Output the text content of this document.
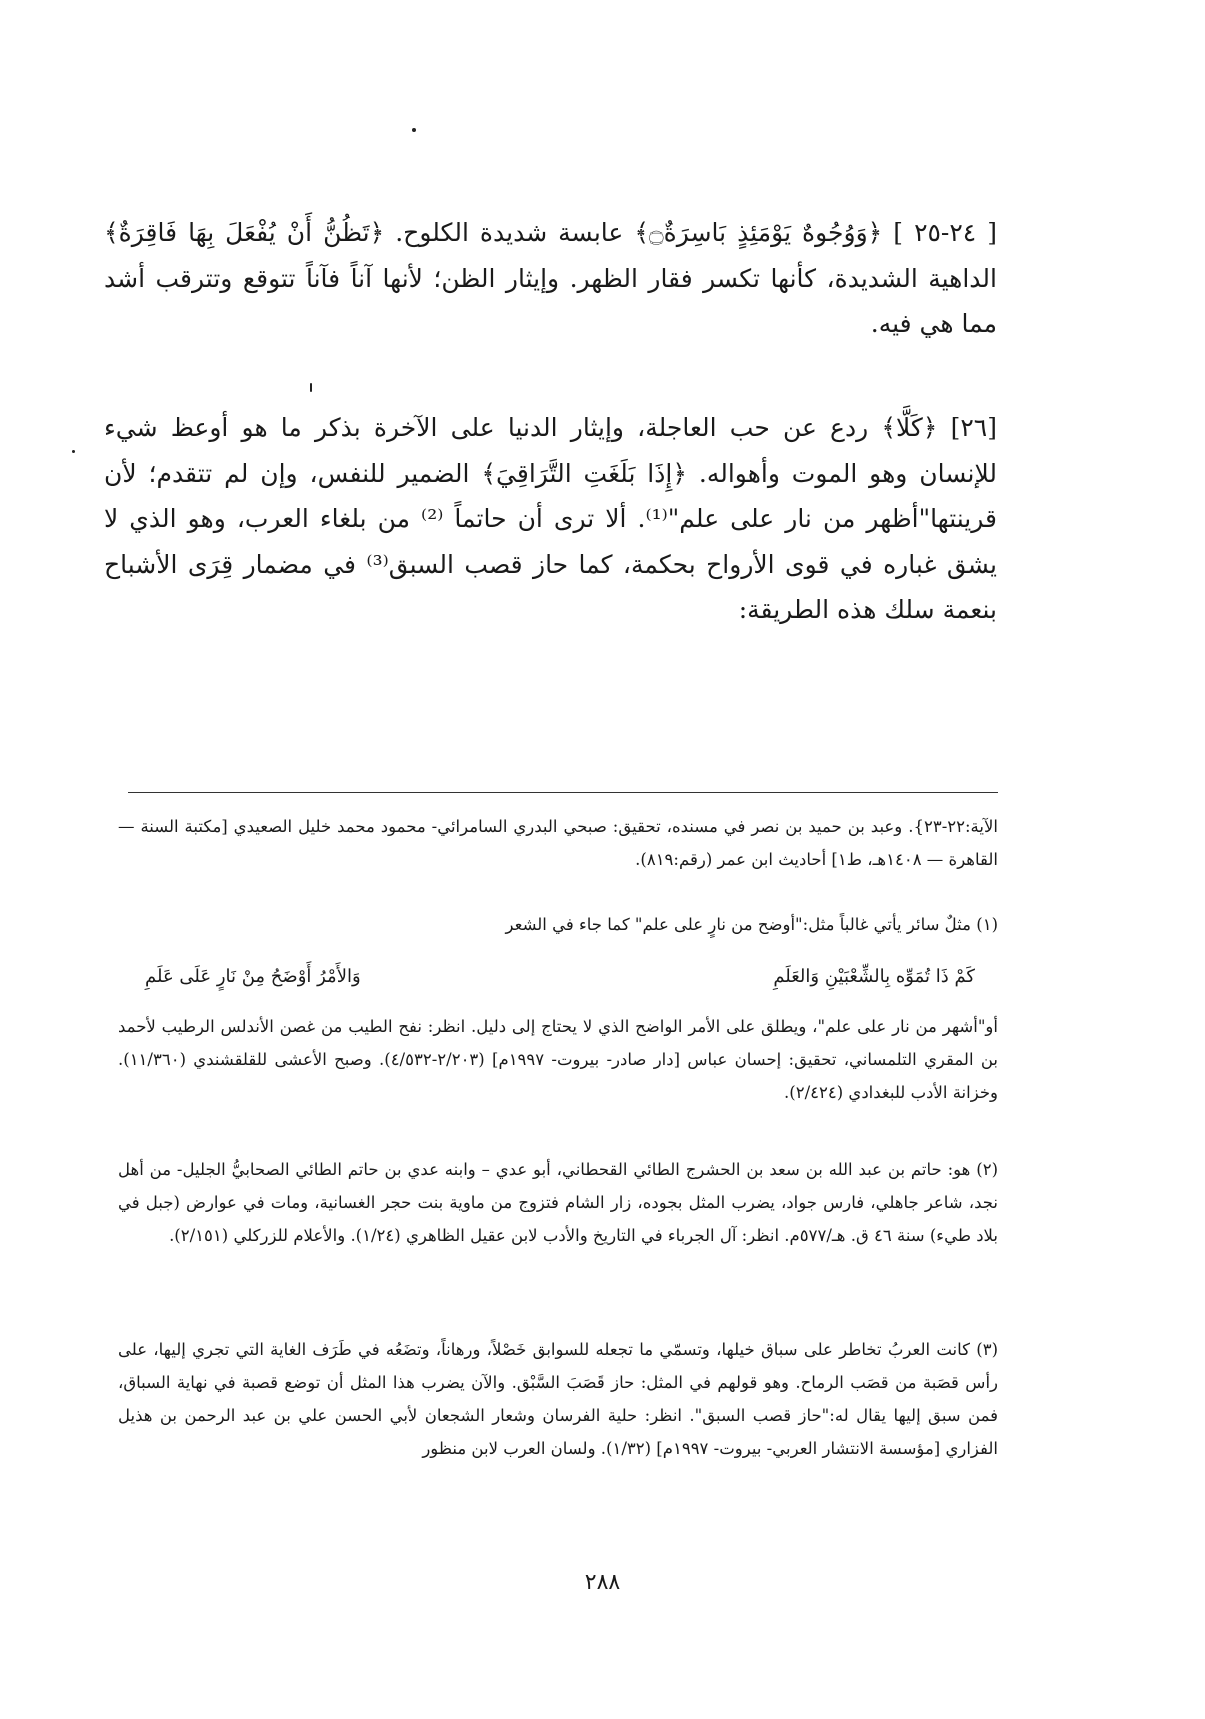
[ ٢٤-٢٥ ] ﴿وَوُجُوهٌ يَوْمَئِذٍ بَاسِرَةٌ۝﴾ عابسة شديدة الكلوح. ﴿تَظُنُّ أَنْ يُفْعَلَ بِهَا فَاقِرَةٌ﴾ الداهية الشديدة، كأنها تكسر فقار الظهر. وإيثار الظن؛ لأنها آناً فآناً تتوقع وتترقب أشد مما هي فيه.
[٢٦] ﴿كَلَّا﴾ ردع عن حب العاجلة، وإيثار الدنيا على الآخرة بذكر ما هو أوعظ شيء للإنسان وهو الموت وأهواله. ﴿إِذَا بَلَغَتِ التَّرَاقِيَ﴾ الضمير للنفس، وإن لم تتقدم؛ لأن قرينتها"أظهر من نار على علم"⁽¹⁾. ألا ترى أن حاتماً ⁽²⁾ من بلغاء العرب، وهو الذي لا يشق غباره في قوى الأرواح بحكمة، كما حاز قصب السبق⁽³⁾ في مضمار قِرَى الأشباح بنعمة سلك هذه الطريقة:
الآية:٢٢-٢٣}. وعبد بن حميد بن نصر في مسنده، تحقيق: صبحي البدري السامرائي- محمود محمد خليل الصعيدي [مكتبة السنة — القاهرة — ١٤٠٨هـ، ط١] أحاديث ابن عمر (رقم:٨١٩).
(١) مثلٌ سائر يأتي غالباً مثل:"أوضح من نارٍ على علم" كما جاء في الشعر
كَمْ ذَا تُمَوِّه بِالشِّعْبَيْنِ وَالعَلَمِ
وَالأَمْرُ أَوْضَحُ مِنْ نَارٍ عَلَى عَلَمِ
أو"أشهر من نار على علم"، ويطلق على الأمر الواضح الذي لا يحتاج إلى دليل. انظر: نفح الطيب من غصن الأندلس الرطيب لأحمد بن المقري التلمساني، تحقيق: إحسان عباس [دار صادر- بيروت- ١٩٩٧م] (٢/٢٠٣-٤/٥٣٢). وصبح الأعشى للقلقشندي (١١/٣٦٠). وخزانة الأدب للبغدادي (٢/٤٢٤).
(٢) هو: حاتم بن عبد الله بن سعد بن الحشرج الطائي القحطاني، أبو عدي – وابنه عدي بن حاتم الطائي الصحابيُّ الجليل- من أهل نجد، شاعر جاهلي، فارس جواد، يضرب المثل بجوده، زار الشام فتزوج من ماوية بنت حجر الغسانية، ومات في عوارض (جبل في بلاد طيء) سنة ٤٦ ق. هـ/٥٧٧م. انظر: آل الجرباء في التاريخ والأدب لابن عقيل الظاهري (١/٢٤). والأعلام للزركلي (٢/١٥١).
(٣) كانت العربُ تخاطر على سباق خيلها، وتسمّي ما تجعله للسوابق خَصْلاً، ورهاناً، وتضَعُه في طَرَف الغاية التي تجري إليها، على رأس قصَبة من قصَب الرماح. وهو قولهم في المثل: حاز قَصَبَ السَّبْق. والآن يضرب هذا المثل أن توضع قصبة في نهاية السباق، فمن سبق إليها يقال له:"حاز قصب السبق". انظر: حلية الفرسان وشعار الشجعان لأبي الحسن علي بن عبد الرحمن بن هذيل الفزاري [مؤسسة الانتشار العربي- بيروت- ١٩٩٧م] (١/٣٢). ولسان العرب لابن منظور
٢٨٨
